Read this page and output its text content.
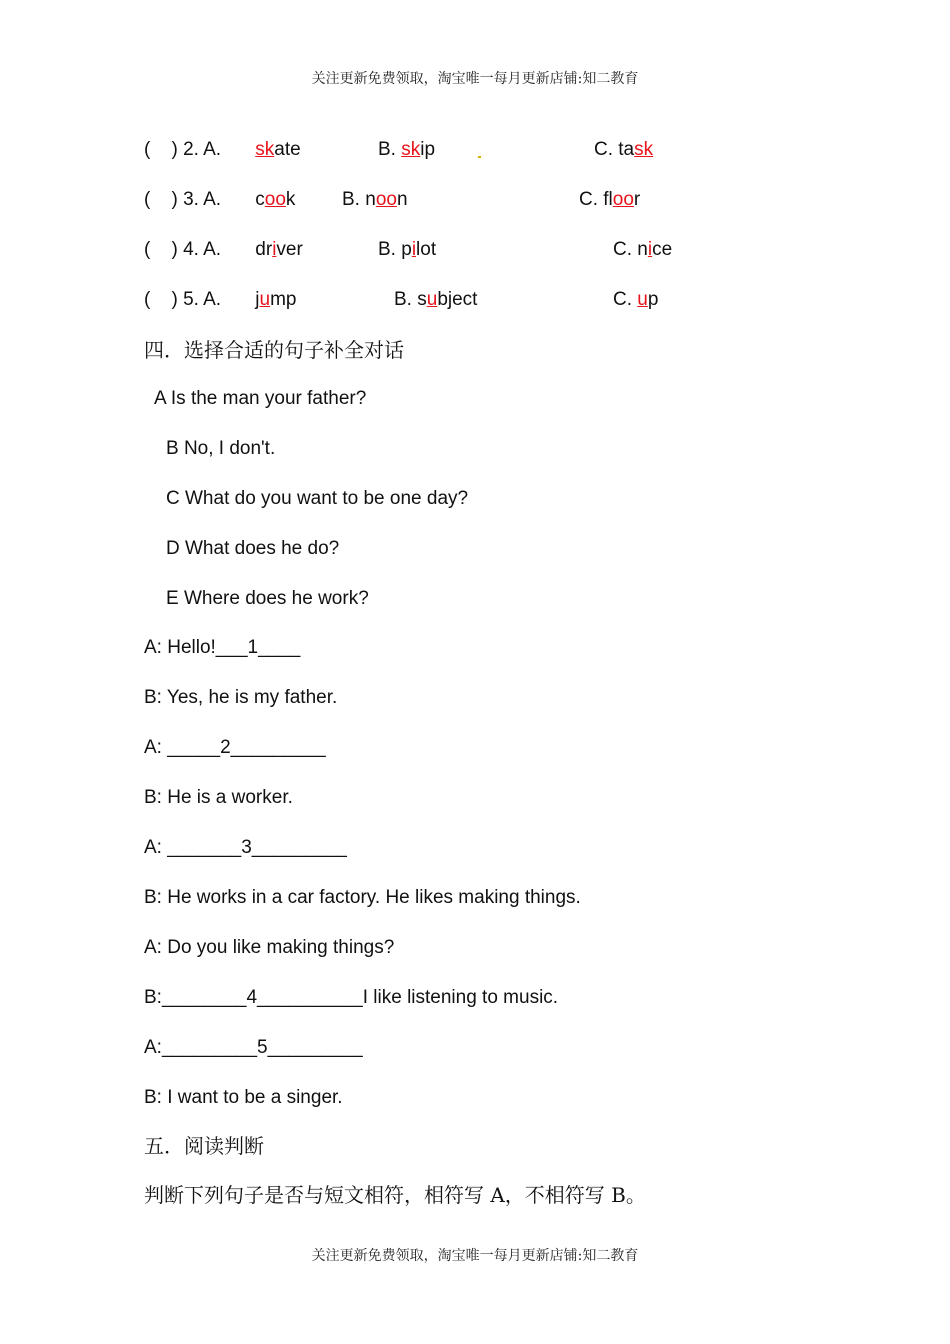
关注更新免费领取，淘宝唯一每月更新店铺:知二教育
(    ) 2. A. skate	B. skip	C. task
(    ) 3. A. cook B. noon	C. floor
(    ) 4. A. driver	B. pilot	C. nice
(    ) 5. A. jump	B. subject	C. up
四．选择合适的句子补全对话
A Is the man your father?
B No, I don't.
C What do you want to be one day?
D What does he do?
E Where does he work?
A: Hello!___1____
B: Yes, he is my father.
A: _____2_________
B: He is a worker.
A: _______3_________
B: He works in a car factory. He likes making things.
A: Do you like making things?
B:________4__________I like listening to music.
A:_________5_________
B: I want to be a singer.
五．阅读判断
判断下列句子是否与短文相符，相符写 A，不相符写 B。
关注更新免费领取，淘宝唯一每月更新店铺:知二教育
